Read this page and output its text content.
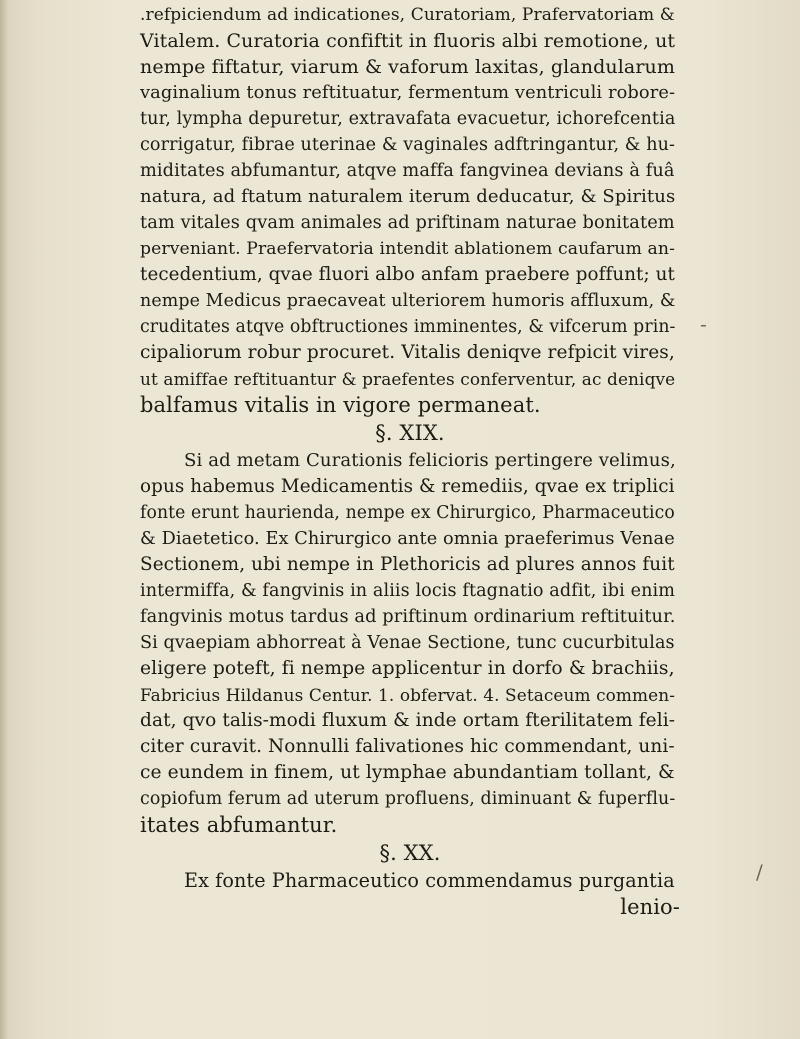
.refpiciendum ad indicationes, Curatoriam, Prafervatoriam &
Vitalem. Curatoria confiftit in fluoris albi remotione, ut
nempe fiftatur, viarum & vaforum laxitas, glandularum
vaginalium tonus reftituatur, fermentum ventriculi robore-
tur, lympha depuretur, extravafata evacuetur, ichorefcentia
corrigatur, fibrae uterinae & vaginales adftringantur, & hu-
miditates abfumantur, atqve maffa fangvinea devians à fuâ
natura, ad ftatum naturalem iterum deducatur, & Spiritus
tam vitales qvam animales ad priftinam naturae bonitatem
perveniant. Praefervatoria intendit ablationem caufarum an-
tecedentium, qvae fluori albo anfam praebere poffunt; ut
nempe Medicus praecaveat ulteriorem humoris affluxum, &
cruditates atqve obftructiones imminentes, & vifcerum prin-
cipaliorum robur procuret. Vitalis deniqve refpicit vires,
ut amiffae reftituantur & praefentes conferventur, ac deniqve
balfamus vitalis in vigore permaneat.
§. XIX.
Si ad metam Curationis felicioris pertingere velimus,
opus habemus Medicamentis & remediis, qvae ex triplici
fonte erunt haurienda, nempe ex Chirurgico, Pharmaceutico
& Diaetetico. Ex Chirurgico ante omnia praeferimus Venae
Sectionem, ubi nempe in Plethoricis ad plures annos fuit
intermiffa, & fangvinis in aliis locis ftagnatio adfit, ibi enim
fangvinis motus tardus ad priftinum ordinarium reftituitur.
Si qvaepiam abhorreat à Venae Sectione, tunc cucurbitulas
eligere poteft, fi nempe applicentur in dorfo & brachiis,
Fabricius Hildanus Centur. 1. obfervat. 4. Setaceum commen-
dat, qvo talis-modi fluxum & inde ortam fterilitatem feli-
citer curavit. Nonnulli falivationes hic commendant, uni-
ce eundem in finem, ut lymphae abundantiam tollant, &
copiofum ferum ad uterum profluens, diminuant & fuperflu-
itates abfumantur.
§. XX.
Ex fonte Pharmaceutico commendamus purgantia
lenio-
-
/
